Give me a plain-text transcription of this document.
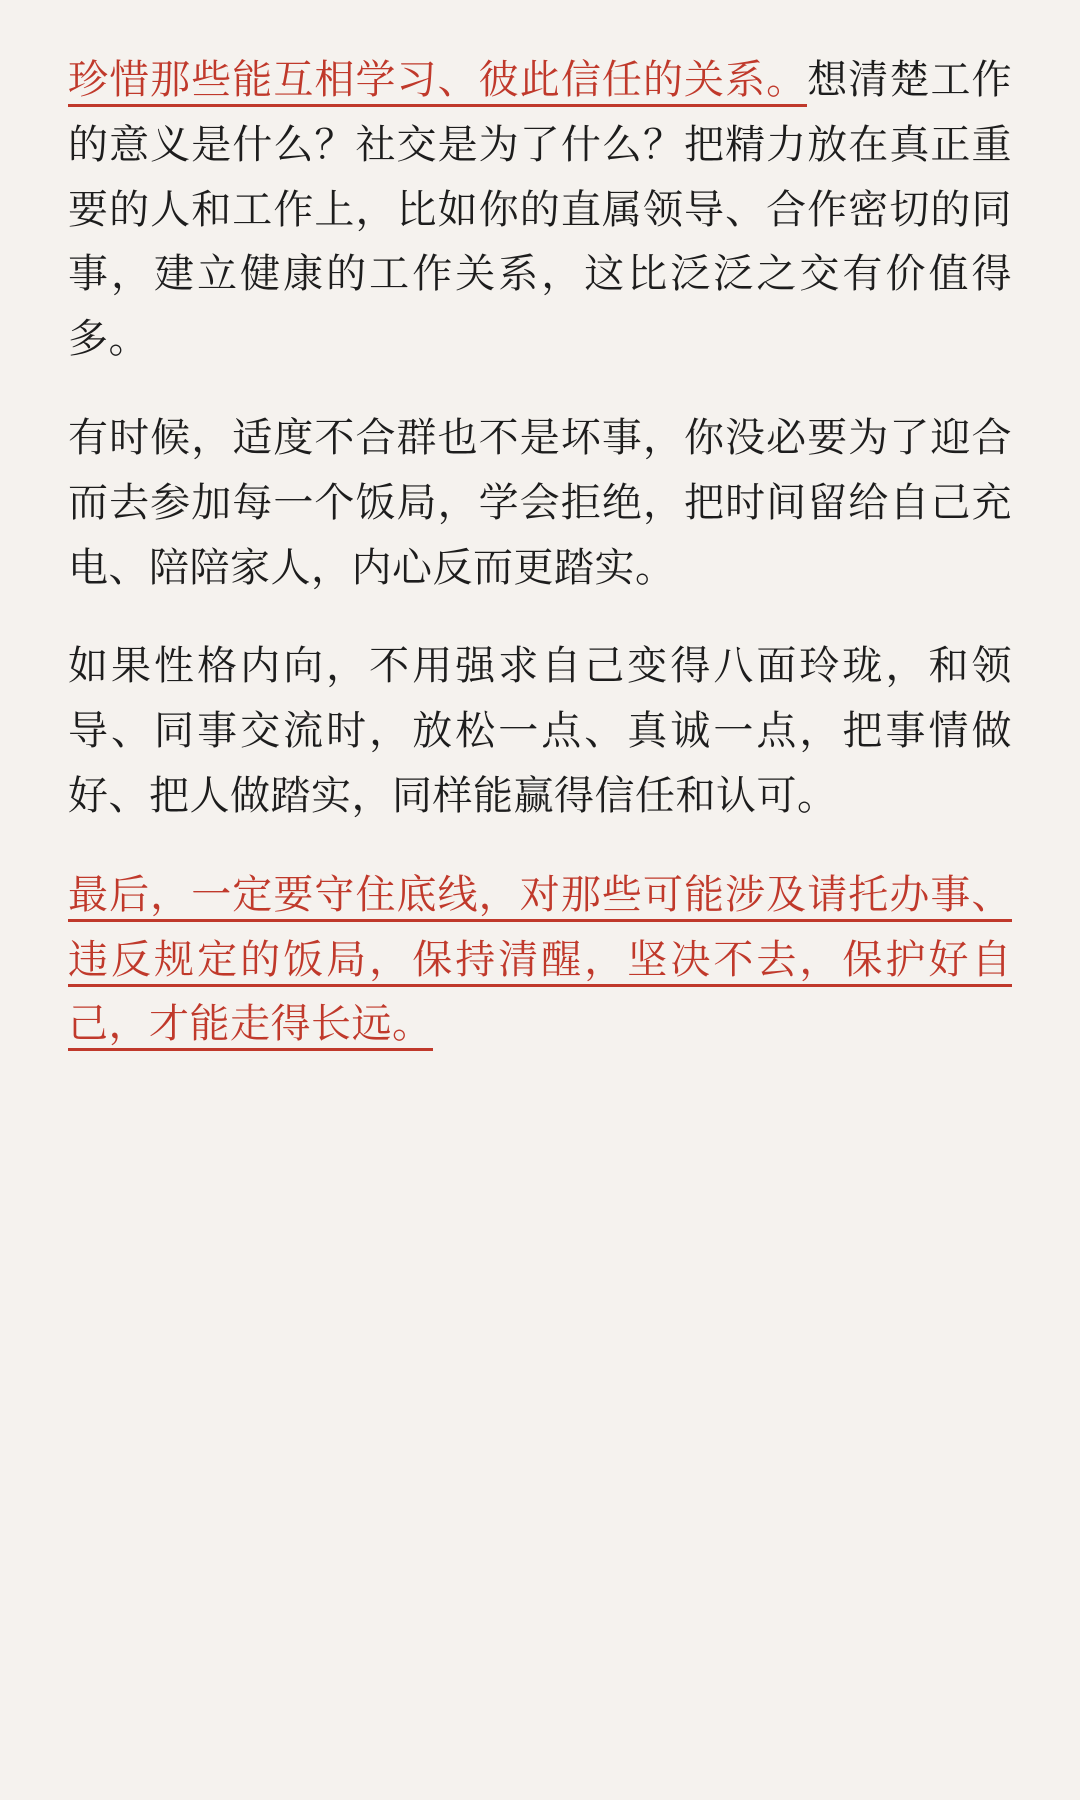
珍惜那些能互相学习、彼此信任的关系。想清楚工作的意义是什么？社交是为了什么？把精力放在真正重要的人和工作上，比如你的直属领导、合作密切的同事，建立健康的工作关系，这比泛泛之交有价值得多。

有时候，适度不合群也不是坏事，你没必要为了迎合而去参加每一个饭局，学会拒绝，把时间留给自己充电、陪陪家人，内心反而更踏实。

如果性格内向，不用强求自己变得八面玲珑，和领导、同事交流时，放松一点、真诚一点，把事情做好、把人做踏实，同样能赢得信任和认可。

最后，一定要守住底线，对那些可能涉及请托办事、违反规定的饭局，保持清醒，坚决不去，保护好自己，才能走得长远。
